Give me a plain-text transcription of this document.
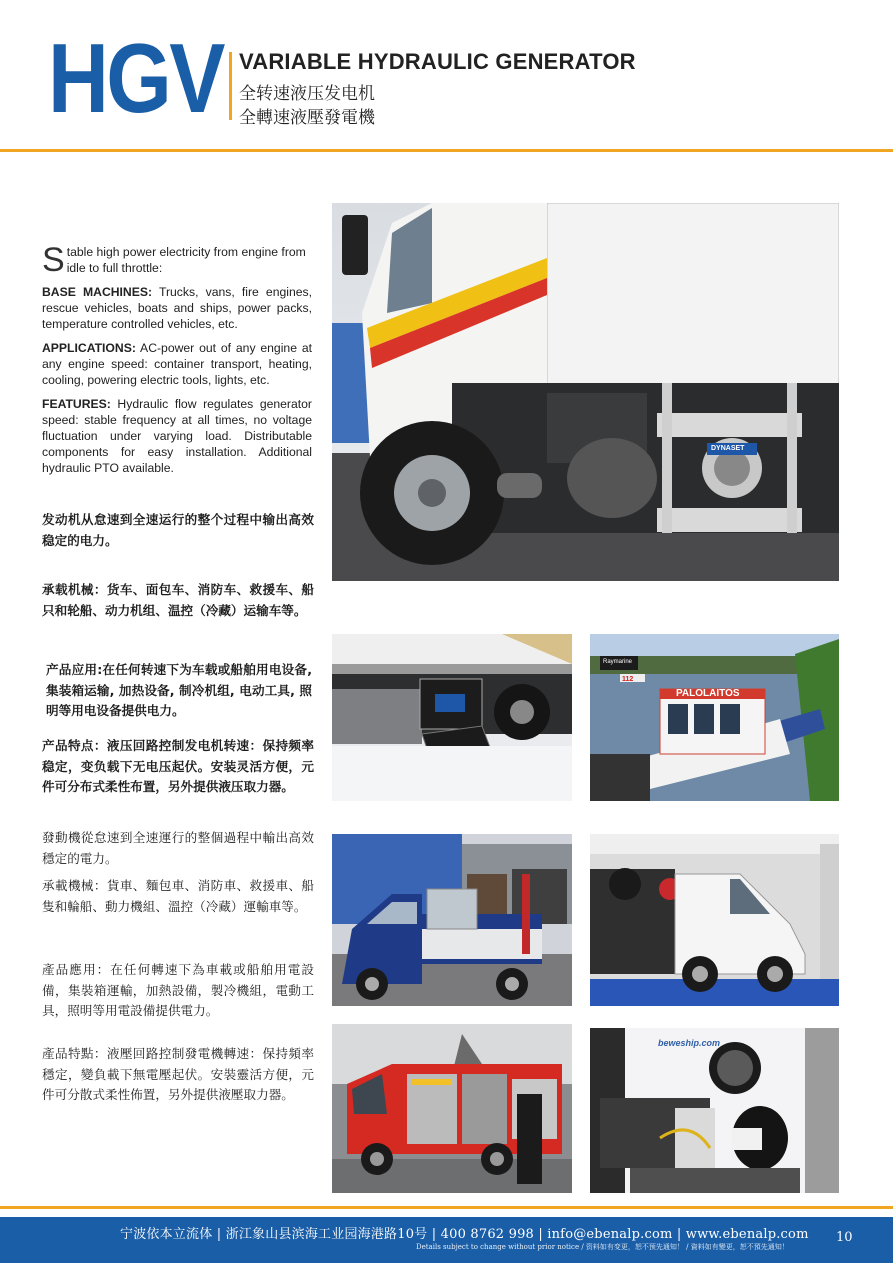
HGV VARIABLE HYDRAULIC GENERATOR
全转速液压发电机
全轉速液壓發電機
S table high power electricity from engine from idle to full throttle:
BASE MACHINES: Trucks, vans, fire engines, rescue vehicles, boats and ships, power packs, temperature controlled vehicles, etc.
APPLICATIONS: AC-power out of any engine at any engine speed: container transport, heating, cooling, powering electric tools, lights, etc.
FEATURES: Hydraulic flow regulates generator speed: stable frequency at all times, no voltage fluctuation under varying load. Distributable components for easy installation. Additional hydraulic PTO available.
发动机从怠速到全速运行的整个过程中输出高效稳定的电力。
承载机械：货车、面包车、消防车、救援车、船只和轮船、动力机组、温控（冷藏）运输车等。
产品应用:在任何转速下为车载或船舶用电设备,集装箱运输, 加热设备, 制冷机组, 电动工具, 照明等用电设备提供电力。
产品特点：液压回路控制发电机转速：保持频率稳定，变负载下无电压起伏。安装灵活方便，元件可分布式柔性布置，另外提供液压取力器。
發動機從怠速到全速運行的整個過程中輸出高效穩定的電力。
承載機械：貨車、麵包車、消防車、救援車、船隻和輪船、動力機組、溫控（冷藏）運輸車等。
產品應用：在任何轉速下為車載或船舶用電設備，集裝箱運輸，加熱設備，製冷機組，電動工具，照明等用電設備提供電力。
產品特點：液壓回路控制發電機轉速：保持頻率穩定，變負載下無電壓起伏。安裝靈活方便，元件可分散式柔性佈置，另外提供液壓取力器。
DYNASET
Raymarine
112
PALOLAITOS
beweship.com
宁波依本立流体 | 浙江象山县滨海工业园海港路10号 | 400 8762 998 | info@ebenalp.com | www.ebenalp.com
Details subject to change without prior notice / 资料如有变更，恕不预先通知！ / 資料如有變更，恕不預先通知！
10
